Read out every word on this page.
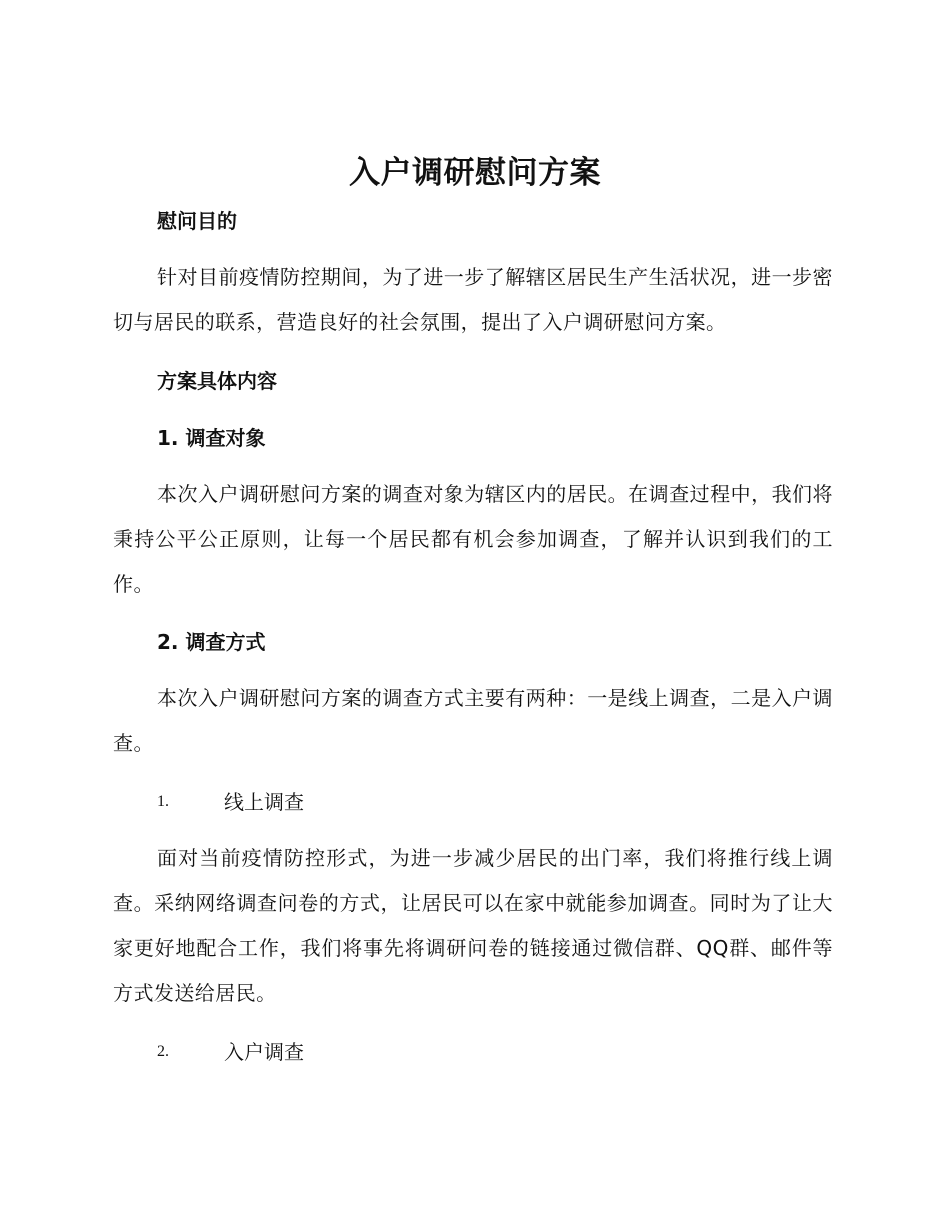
入户调研慰问方案
慰问目的

针对目前疫情防控期间，为了进一步了解辖区居民生产生活状况，进一步密切与居民的联系，营造良好的社会氛围，提出了入户调研慰问方案。

方案具体内容
1. 调查对象

本次入户调研慰问方案的调查对象为辖区内的居民。在调查过程中，我们将秉持公平公正原则，让每一个居民都有机会参加调查，了解并认识到我们的工作。

2. 调查方式

本次入户调研慰问方案的调查方式主要有两种：一是线上调查，二是入户调查。

1.	线上调查

面对当前疫情防控形式，为进一步减少居民的出门率，我们将推行线上调查。采纳网络调查问卷的方式，让居民可以在家中就能参加调查。同时为了让大家更好地配合工作，我们将事先将调研问卷的链接通过微信群、QQ群、邮件等方式发送给居民。

2.	入户调查
